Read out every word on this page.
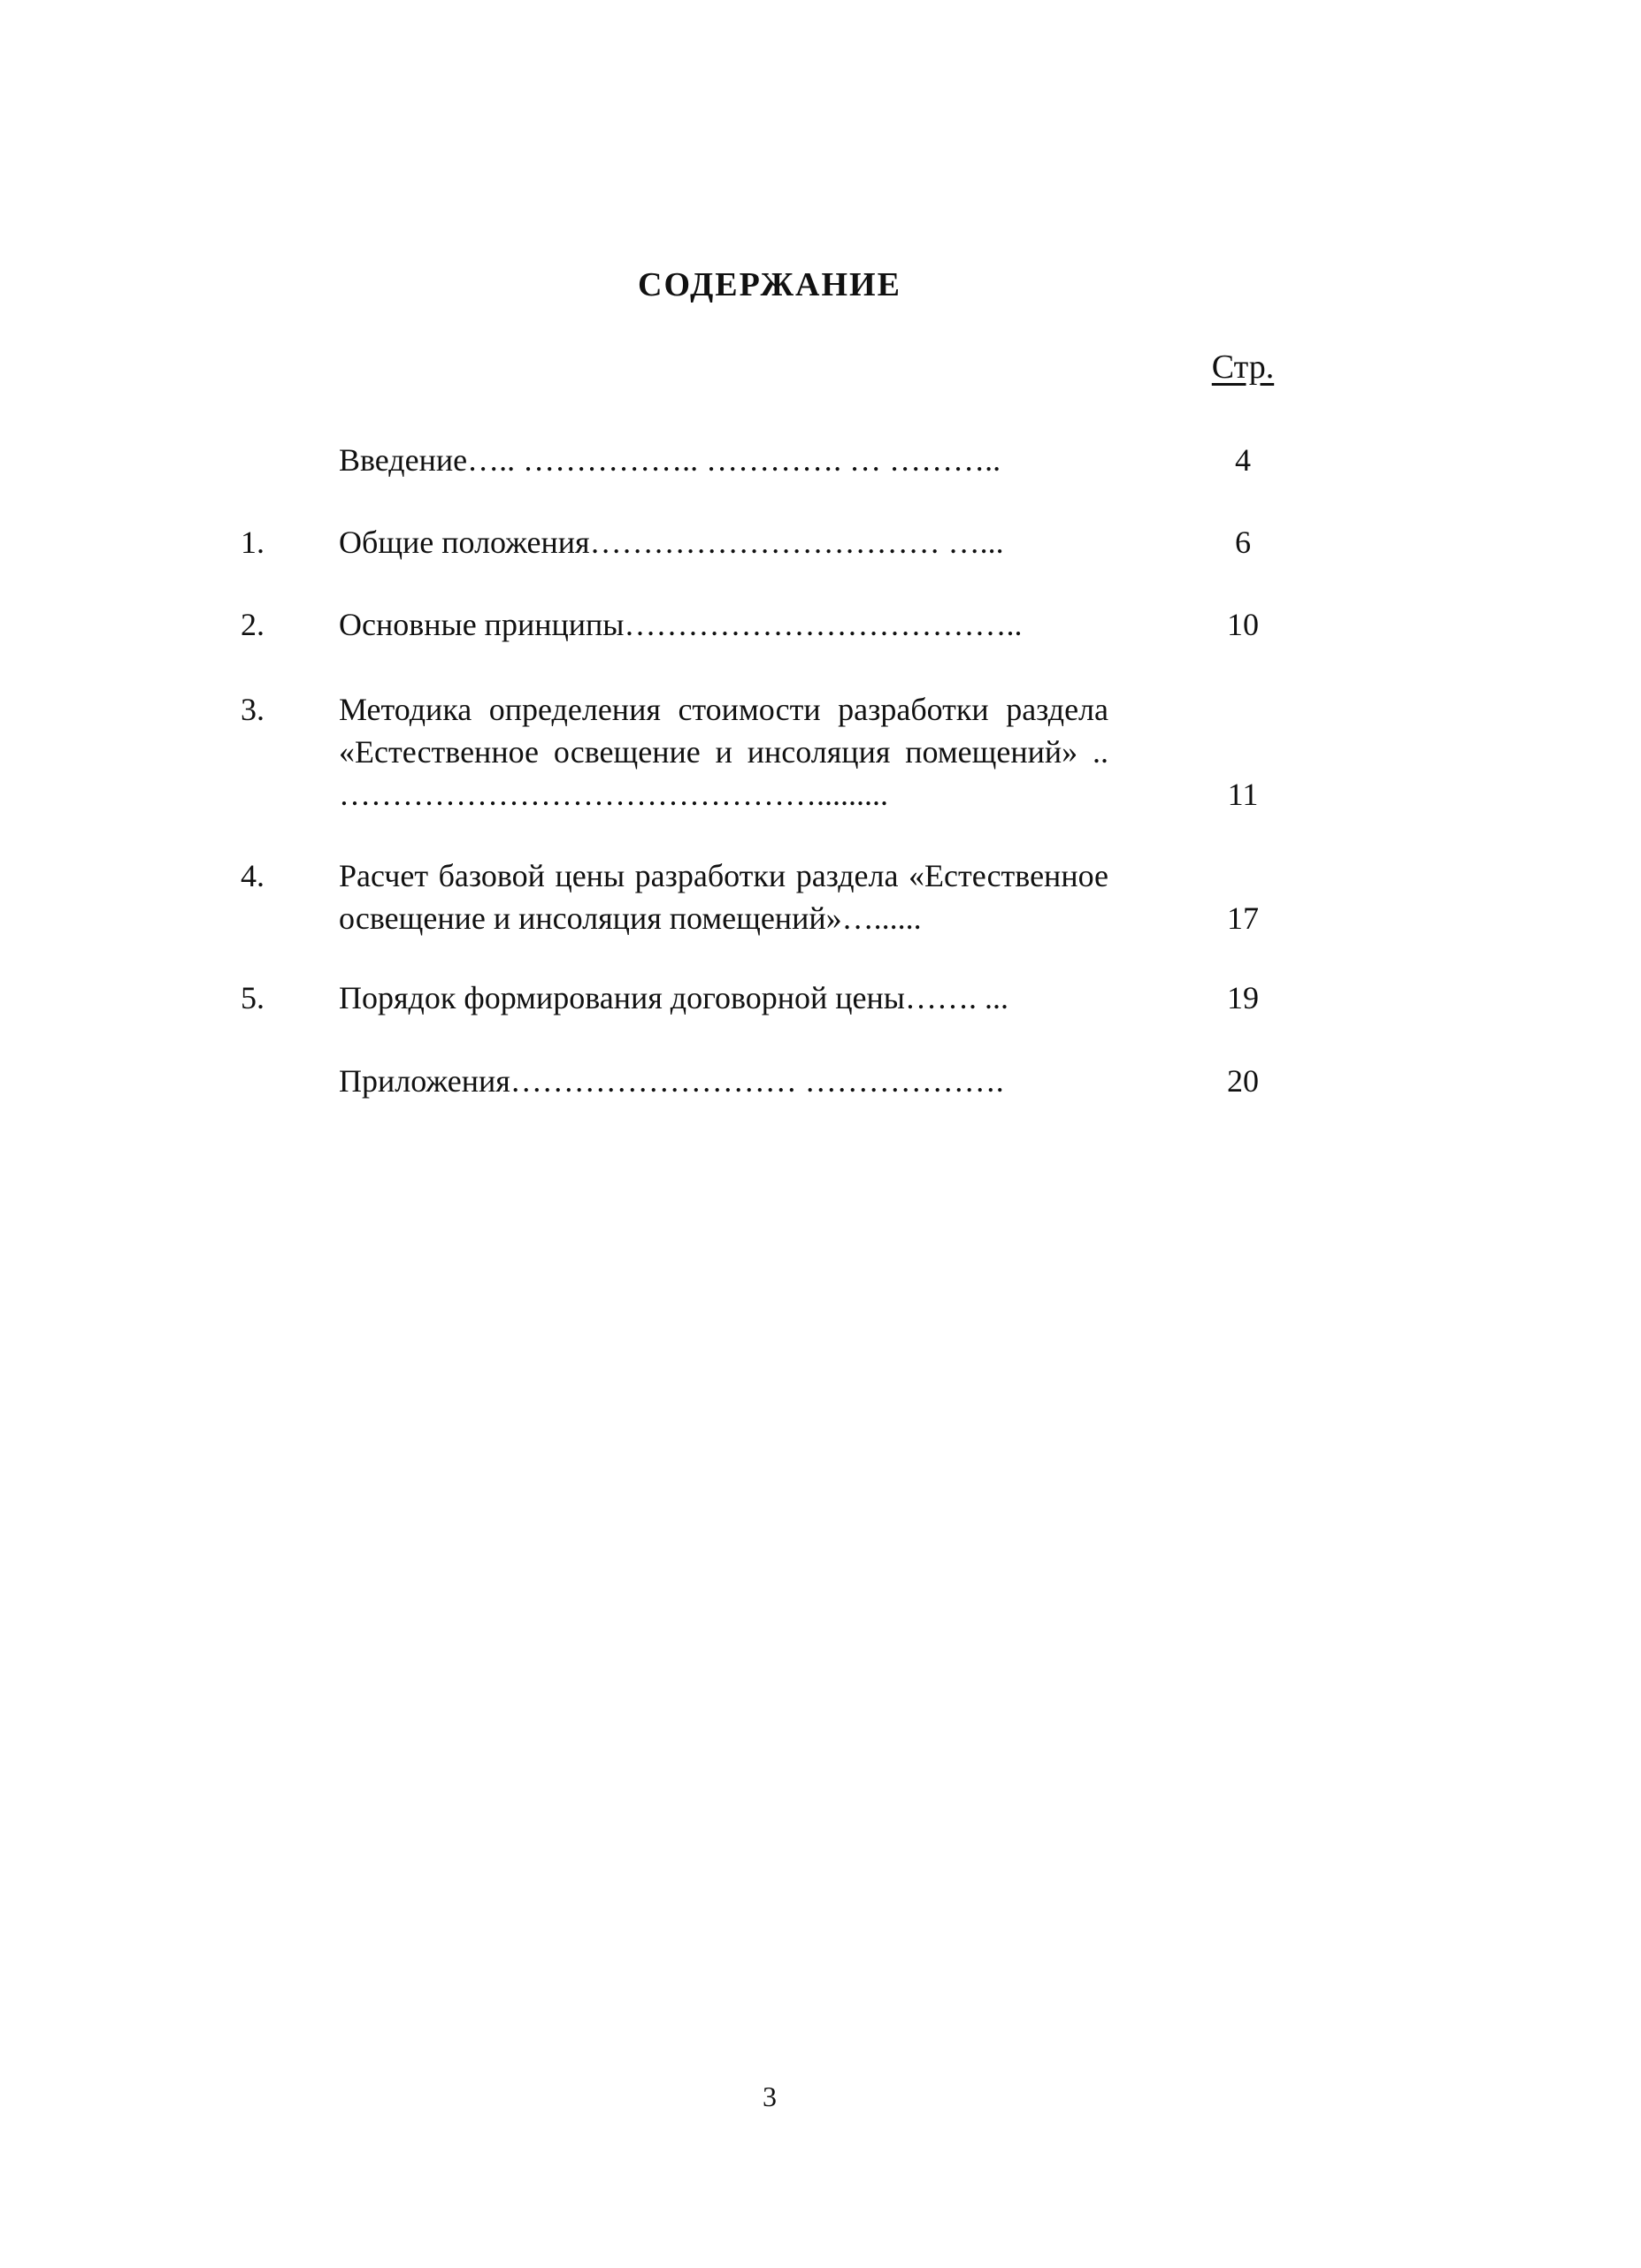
СОДЕРЖАНИЕ
Стр.
Введение….. …………….. …………. … ………..	4
1. Общие положения…………………………… …...	6
2. Основные принципы………………………………..	10
3. Методика определения стоимости разработки раздела «Естественное освещение и инсоляция помещений» .. ……………………………………….........	11
4. Расчет базовой цены разработки раздела «Естественное освещение и инсоляция помещений»…......	17
5. Порядок формирования договорной цены……. ...	19
Приложения……………………… ……………….	20
3
